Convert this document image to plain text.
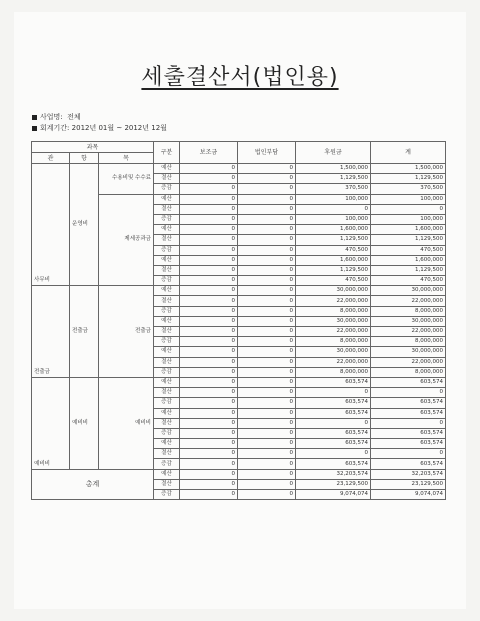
세출결산서(법인용)
사업명: 전체
회계기간: 2012년 01월 ~ 2012년 12월
과목			구분	보조금	법인부담	후원금	계
관	항	목					
사무비	운영비	수용비및 수수료	예산	0	0	1,500,000	1,500,000
			결산	0	0	1,129,500	1,129,500
			증감	0	0	370,500	370,500
		제세공과금	예산	0	0	100,000	100,000
			결산	0	0	0	0
			증감	0	0	100,000	100,000
			예산	0	0	1,600,000	1,600,000
			결산	0	0	1,129,500	1,129,500
			증감	0	0	470,500	470,500
			예산	0	0	1,600,000	1,600,000
			결산	0	0	1,129,500	1,129,500
			증감	0	0	470,500	470,500
전출금	전출금	전출금	예산	0	0	30,000,000	30,000,000
			결산	0	0	22,000,000	22,000,000
			증감	0	0	8,000,000	8,000,000
			예산	0	0	30,000,000	30,000,000
			결산	0	0	22,000,000	22,000,000
			증감	0	0	8,000,000	8,000,000
			예산	0	0	30,000,000	30,000,000
			결산	0	0	22,000,000	22,000,000
			증감	0	0	8,000,000	8,000,000
예비비	예비비	예비비	예산	0	0	603,574	603,574
			결산	0	0	0	0
			증감	0	0	603,574	603,574
			예산	0	0	603,574	603,574
			결산	0	0	0	0
			증감	0	0	603,574	603,574
			예산	0	0	603,574	603,574
			결산	0	0	0	0
			증감	0	0	603,574	603,574
총계			예산	0	0	32,203,574	32,203,574
			결산	0	0	23,129,500	23,129,500
			증감	0	0	9,074,074	9,074,074
